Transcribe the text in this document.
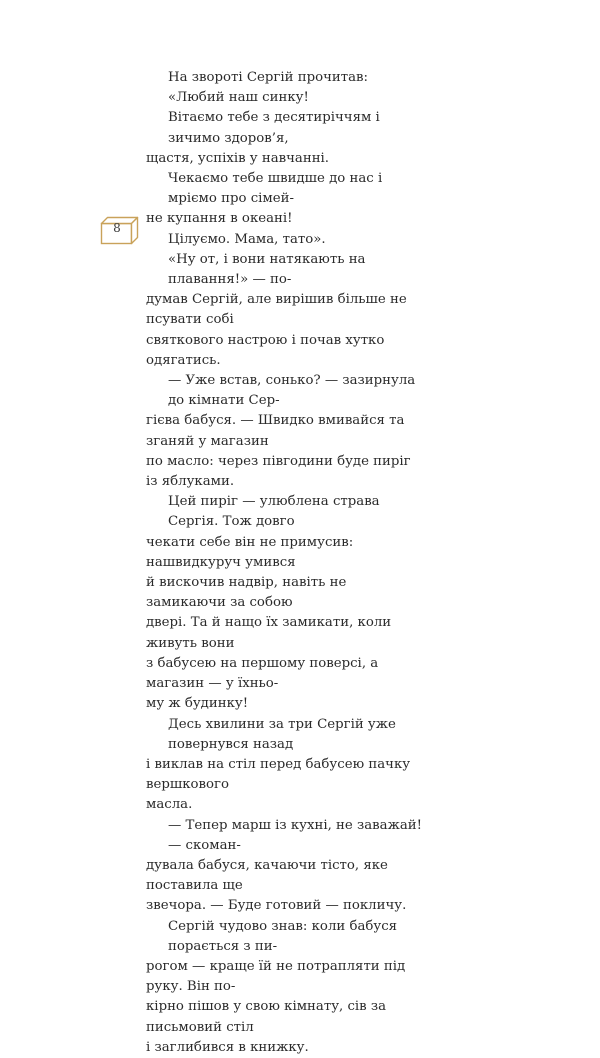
8
На звороті Сергій прочитав:
«Любий наш синку!
Вітаємо тебе з десятиріччям і зичимо здоров’я,
щастя, успіхів у навчанні.
Чекаємо тебе швидше до нас і мріємо про сімей-
не купання в океані!
Цілуємо. Мама, тато».
«Ну от, і вони натякають на плавання!» — по-
думав Сергій, але вирішив більше не псувати собі
святкового настрою і почав хутко одягатись.
— Уже встав, сонько? — зазирнула до кімнати Сер-
гієва бабуся. — Швидко вмивайся та зганяй у магазин
по масло: через півгодини буде пиріг із яблуками.
Цей пиріг — улюблена страва Сергія. Тож довго
чекати себе він не примусив: нашвидкуруч умився
й вискочив надвір, навіть не замикаючи за собою
двері. Та й нащо їх замикати, коли живуть вони
з бабусею на першому поверсі, а магазин — у їхньо-
му ж будинку!
Десь хвилини за три Сергій уже повернувся назад
і виклав на стіл перед бабусею пачку вершкового
масла.
— Тепер марш із кухні, не заважай! — скоман-
дувала бабуся, качаючи тісто, яке поставила ще
звечора. — Буде готовий — покличу.
Сергій чудово знав: коли бабуся порається з пи-
рогом — краще їй не потрапляти під руку. Він по-
кірно пішов у свою кімнату, сів за письмовий стіл
і заглибився в книжку.
